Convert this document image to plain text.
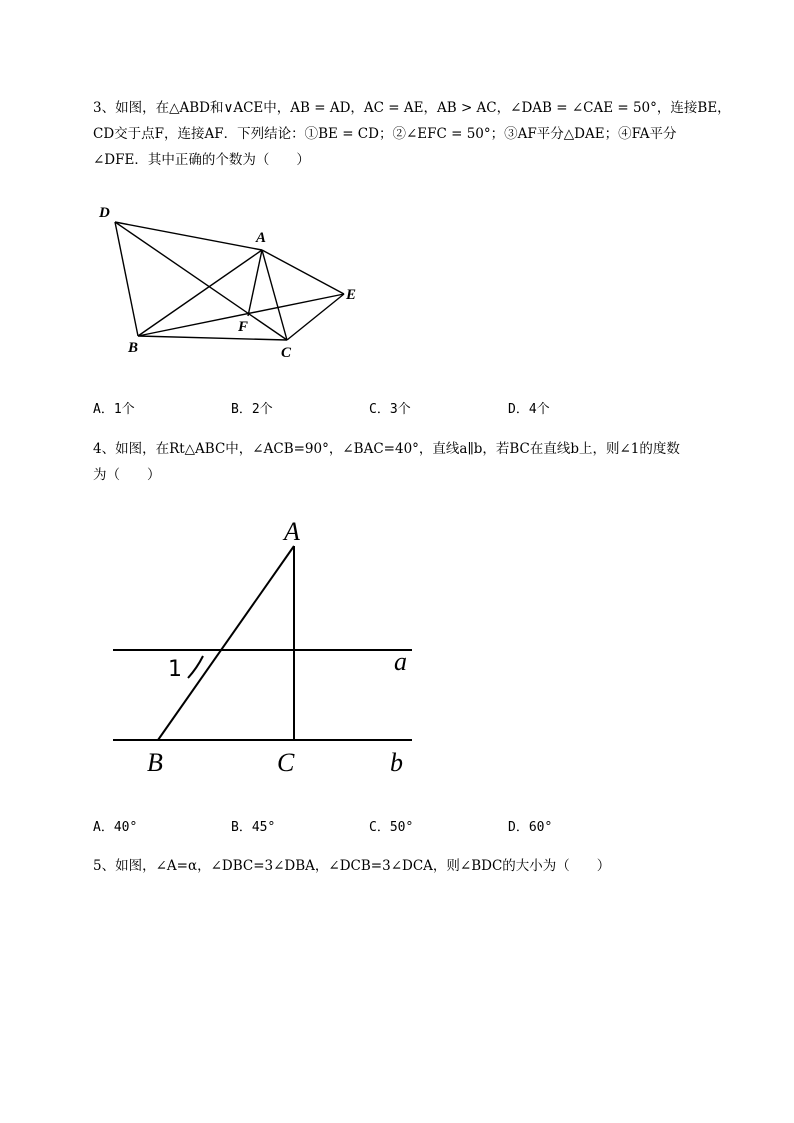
3、如图，在△ABD和∨ACE中，AB = AD，AC = AE，AB > AC，∠DAB = ∠CAE = 50°，连接BE，
CD交于点F，连接AF．下列结论：①BE = CD；②∠EFC = 50°；③AF平分△DAE；④FA平分
∠DFE．其中正确的个数为（　　）
D
A
E
F
B	C
A．1个	B．2个	C．3个	D．4个
4、如图，在Rt△ABC中，∠ACB=90°，∠BAC=40°，直线a∥b，若BC在直线b上，则∠1的度数
为（　　）
A
1	a
B	C	b
A．40°	B．45°	C．50°	D．60°
5、如图，∠A=α，∠DBC=3∠DBA，∠DCB=3∠DCA，则∠BDC的大小为（　　）
